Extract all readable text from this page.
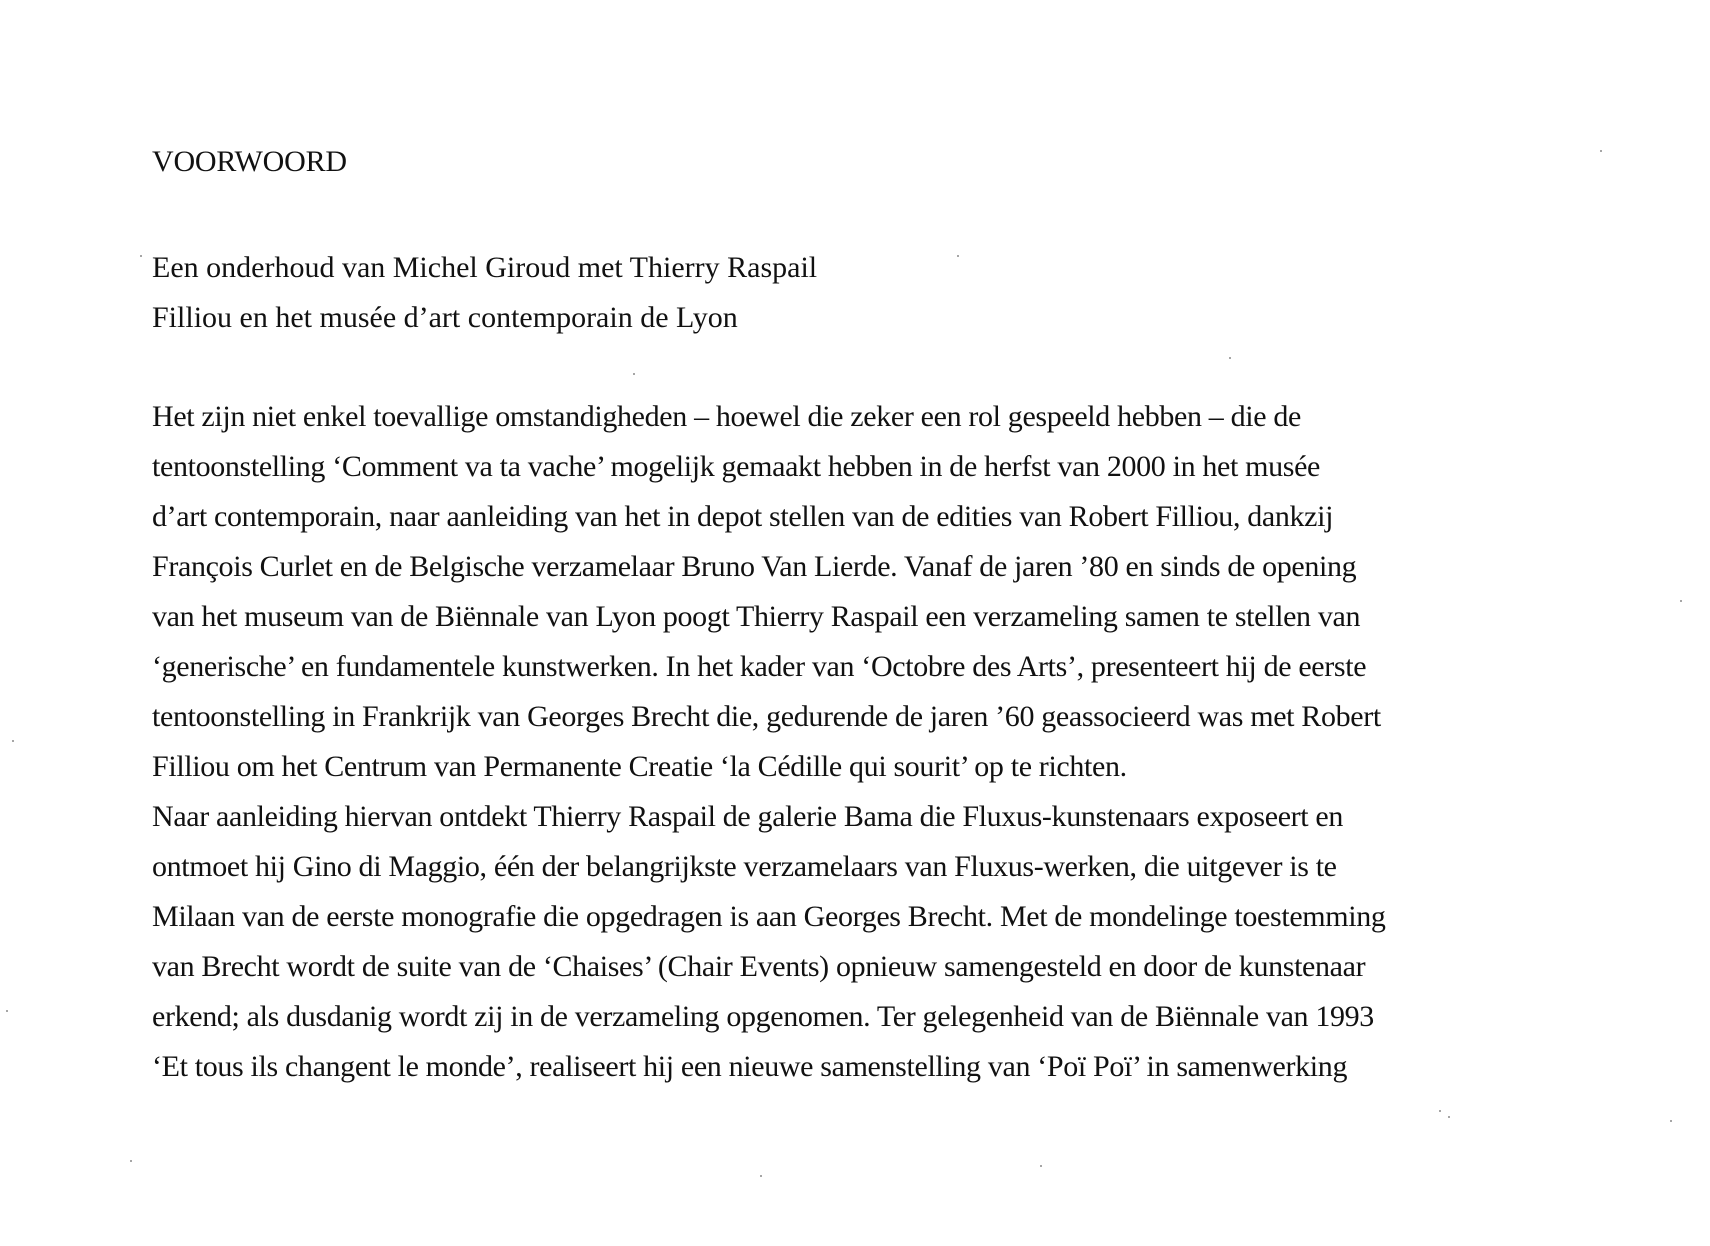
VOORWOORD
Een onderhoud van Michel Giroud met Thierry Raspail
Filliou en het musée d’art contemporain de Lyon
Het zijn niet enkel toevallige omstandigheden – hoewel die zeker een rol gespeeld hebben – die de
tentoonstelling ‘Comment va ta vache’ mogelijk gemaakt hebben in de herfst van 2000 in het musée
d’art contemporain, naar aanleiding van het in depot stellen van de edities van Robert Filliou, dankzij
François Curlet en de Belgische verzamelaar Bruno Van Lierde. Vanaf de jaren ’80 en sinds de opening
van het museum van de Biënnale van Lyon poogt Thierry Raspail een verzameling samen te stellen van
‘generische’ en fundamentele kunstwerken. In het kader van ‘Octobre des Arts’, presenteert hij de eerste
tentoonstelling in Frankrijk van Georges Brecht die, gedurende de jaren ’60 geassocieerd was met Robert
Filliou om het Centrum van Permanente Creatie ‘la Cédille qui sourit’ op te richten.
Naar aanleiding hiervan ontdekt Thierry Raspail de galerie Bama die Fluxus-kunstenaars exposeert en
ontmoet hij Gino di Maggio, één der belangrijkste verzamelaars van Fluxus-werken, die uitgever is te
Milaan van de eerste monografie die opgedragen is aan Georges Brecht. Met de mondelinge toestemming
van Brecht wordt de suite van de ‘Chaises’ (Chair Events) opnieuw samengesteld en door de kunstenaar
erkend; als dusdanig wordt zij in de verzameling opgenomen. Ter gelegenheid van de Biënnale van 1993
‘Et tous ils changent le monde’, realiseert hij een nieuwe samenstelling van ‘Poï Poï’ in samenwerking
